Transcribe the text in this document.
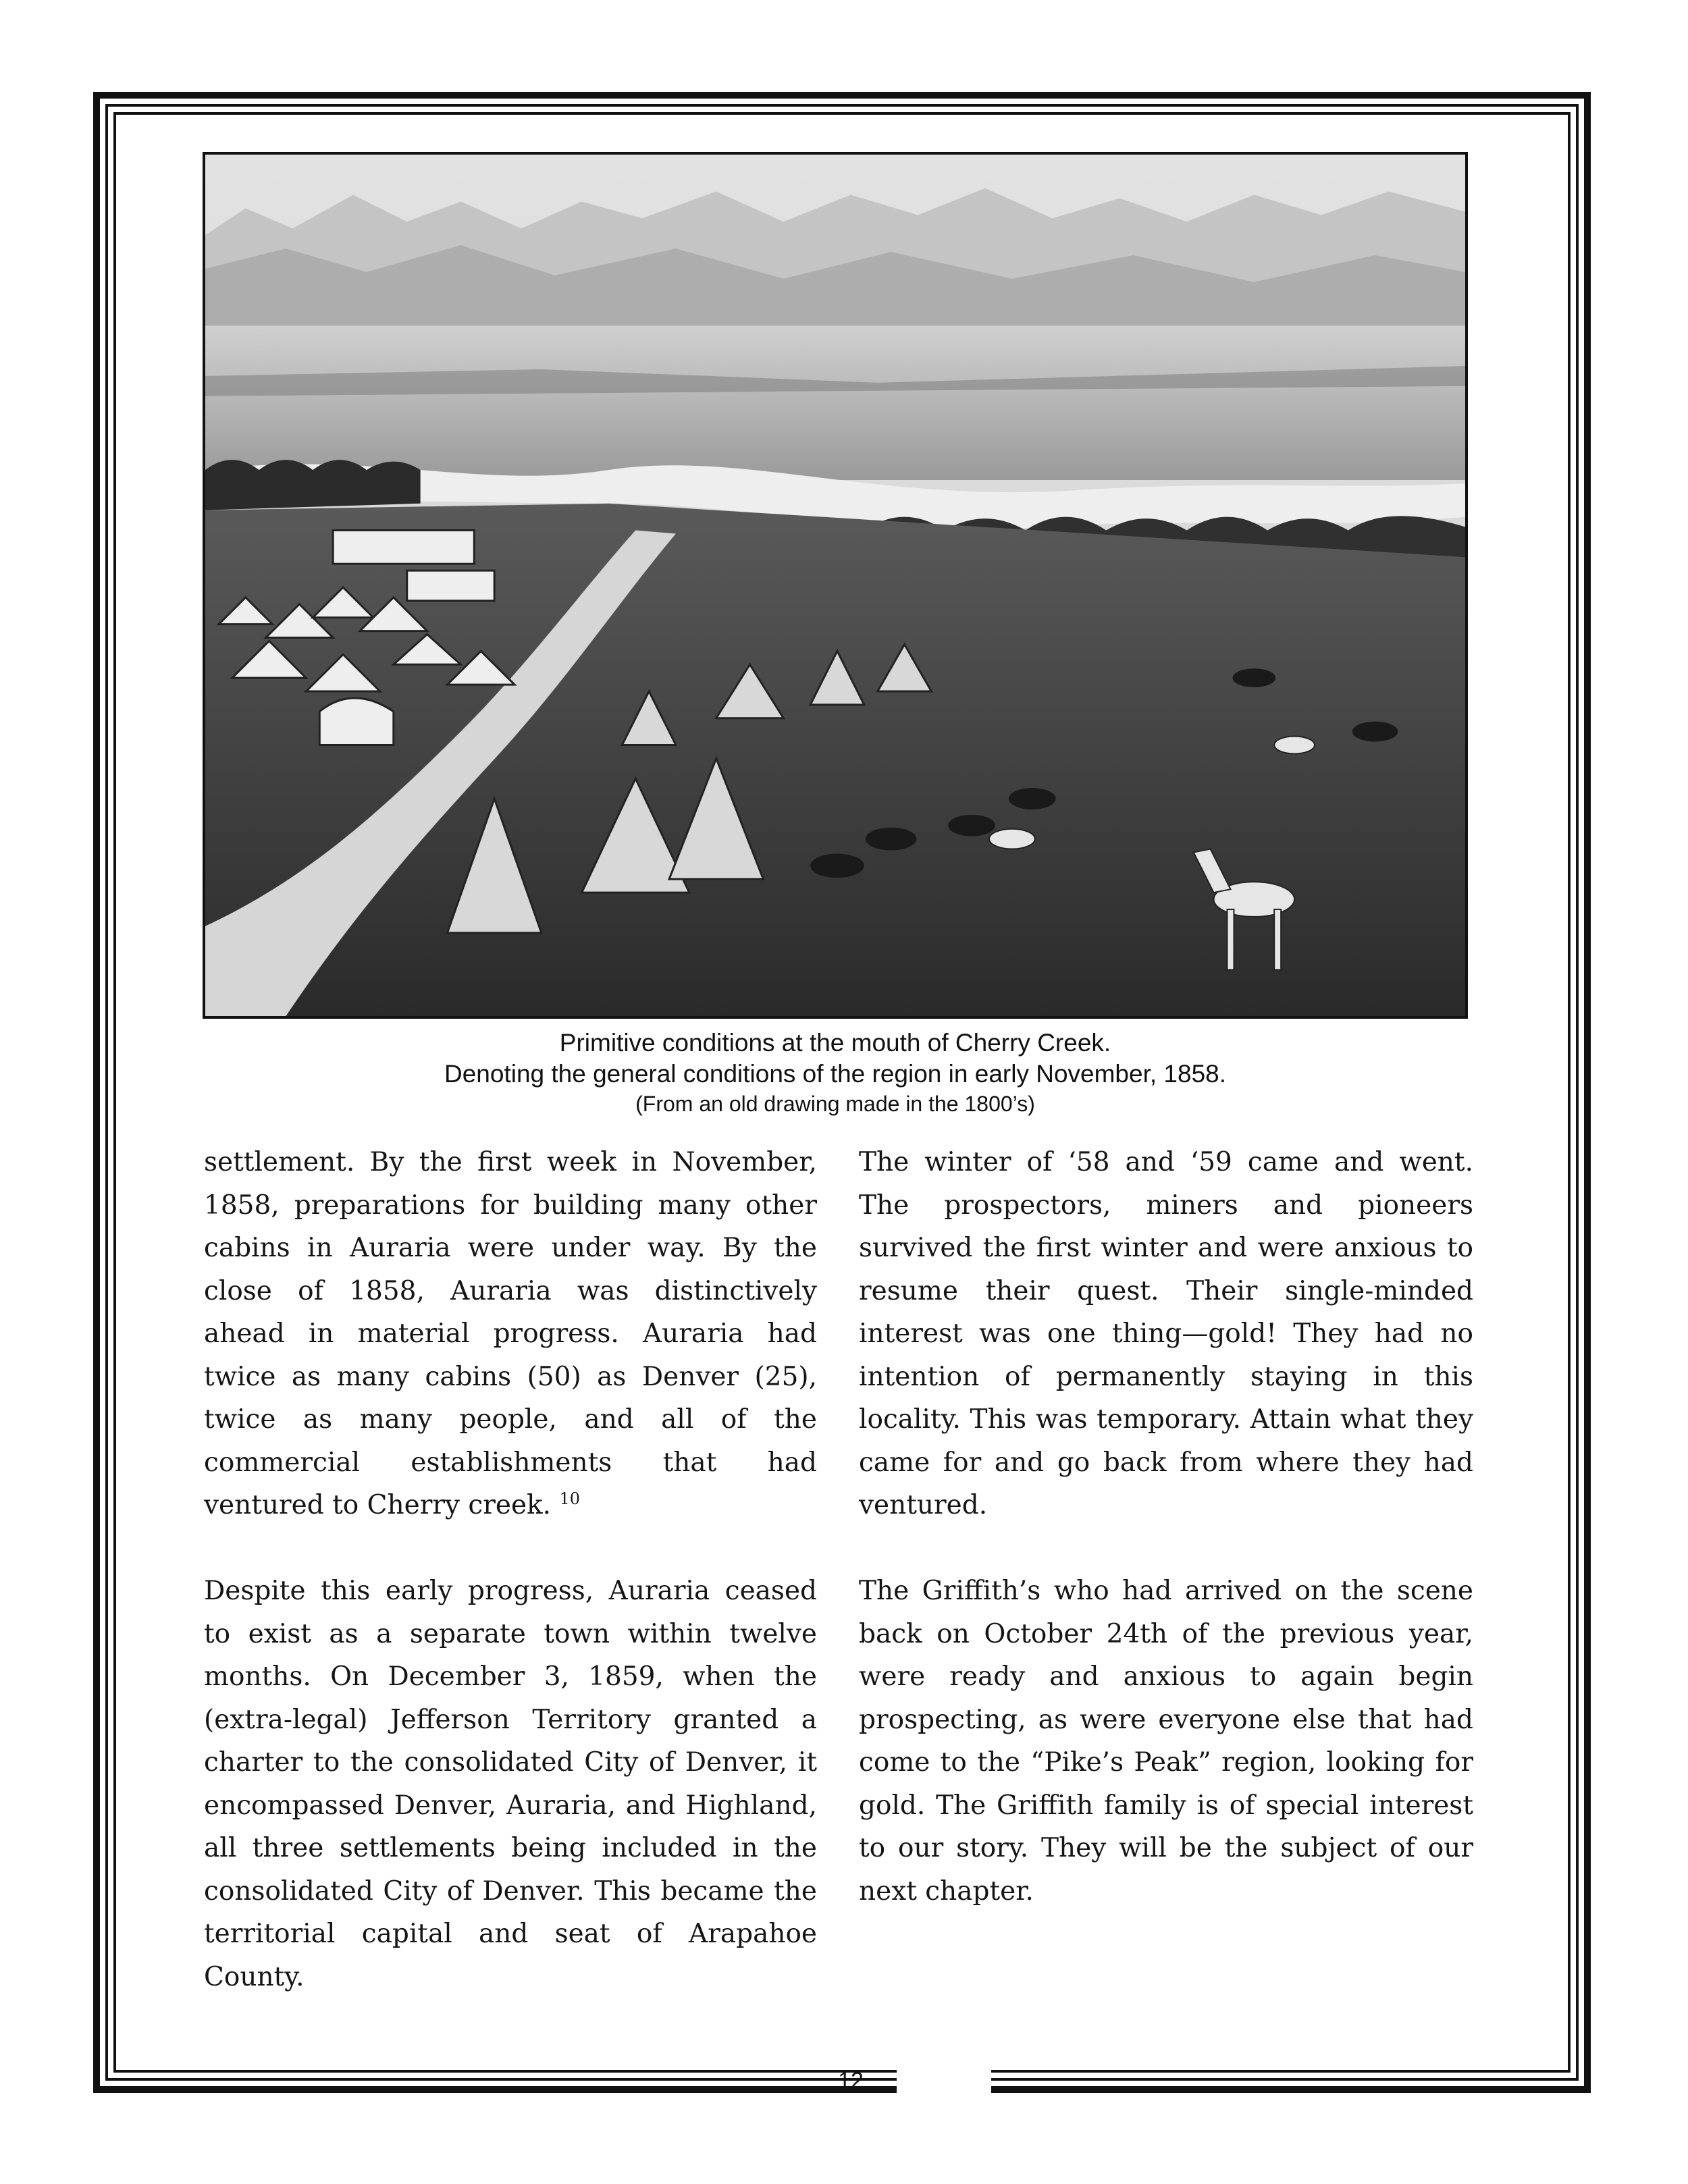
12
Primitive conditions at the mouth of Cherry Creek.
Denoting the general conditions of the region in early November, 1858.
(From an old drawing made in the 1800’s)

settlement. By the first week in November, 1858, preparations for building many other cabins in Auraria were under way. By the close of 1858, Auraria was distinctively ahead in material progress. Auraria had twice as many cabins (50) as Denver (25), twice as many people, and all of the commercial establishments that had ventured to Cherry creek. $^{10}$

Despite this early progress, Auraria ceased to exist as a separate town within twelve months. On December 3, 1859, when the (extra-legal) Jefferson Territory granted a charter to the consolidated City of Denver, it encompassed Denver, Auraria, and Highland, all three settlements being included in the consolidated City of Denver. This became the territorial capital and seat of Arapahoe County.

The winter of ‘58 and ‘59 came and went. The prospectors, miners and pioneers survived the first winter and were anxious to resume their quest. Their single-minded interest was one thing—gold! They had no intention of permanently staying in this locality. This was temporary. Attain what they came for and go back from where they had ventured.

The Griffith’s who had arrived on the scene back on October 24th of the previous year, were ready and anxious to again begin prospecting, as were everyone else that had come to the “Pike’s Peak” region, looking for gold. The Griffith family is of special interest to our story. They will be the subject of our next chapter.
